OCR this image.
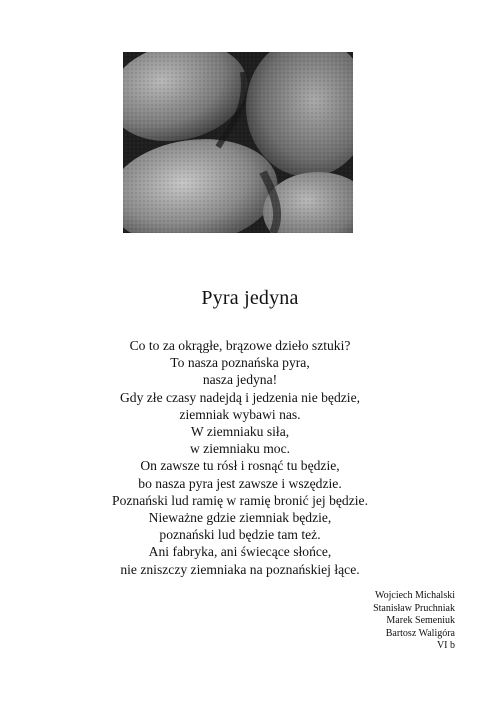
Pyra jedyna
Co to za okrągłe, brązowe dzieło sztuki?
To nasza poznańska pyra,
nasza jedyna!
Gdy złe czasy nadejdą i jedzenia nie będzie,
ziemniak wybawi nas.
W ziemniaku siła,
w ziemniaku moc.
On zawsze tu rósł i rosnąć tu będzie,
bo nasza pyra jest zawsze i wszędzie.
Poznański lud ramię w ramię bronić jej będzie.
Nieważne gdzie ziemniak będzie,
poznański lud będzie tam też.
Ani fabryka, ani świecące słońce,
nie zniszczy ziemniaka na poznańskiej łące.
Wojciech Michalski
Stanisław Pruchniak
Marek Semeniuk
Bartosz Waligóra
VI b
